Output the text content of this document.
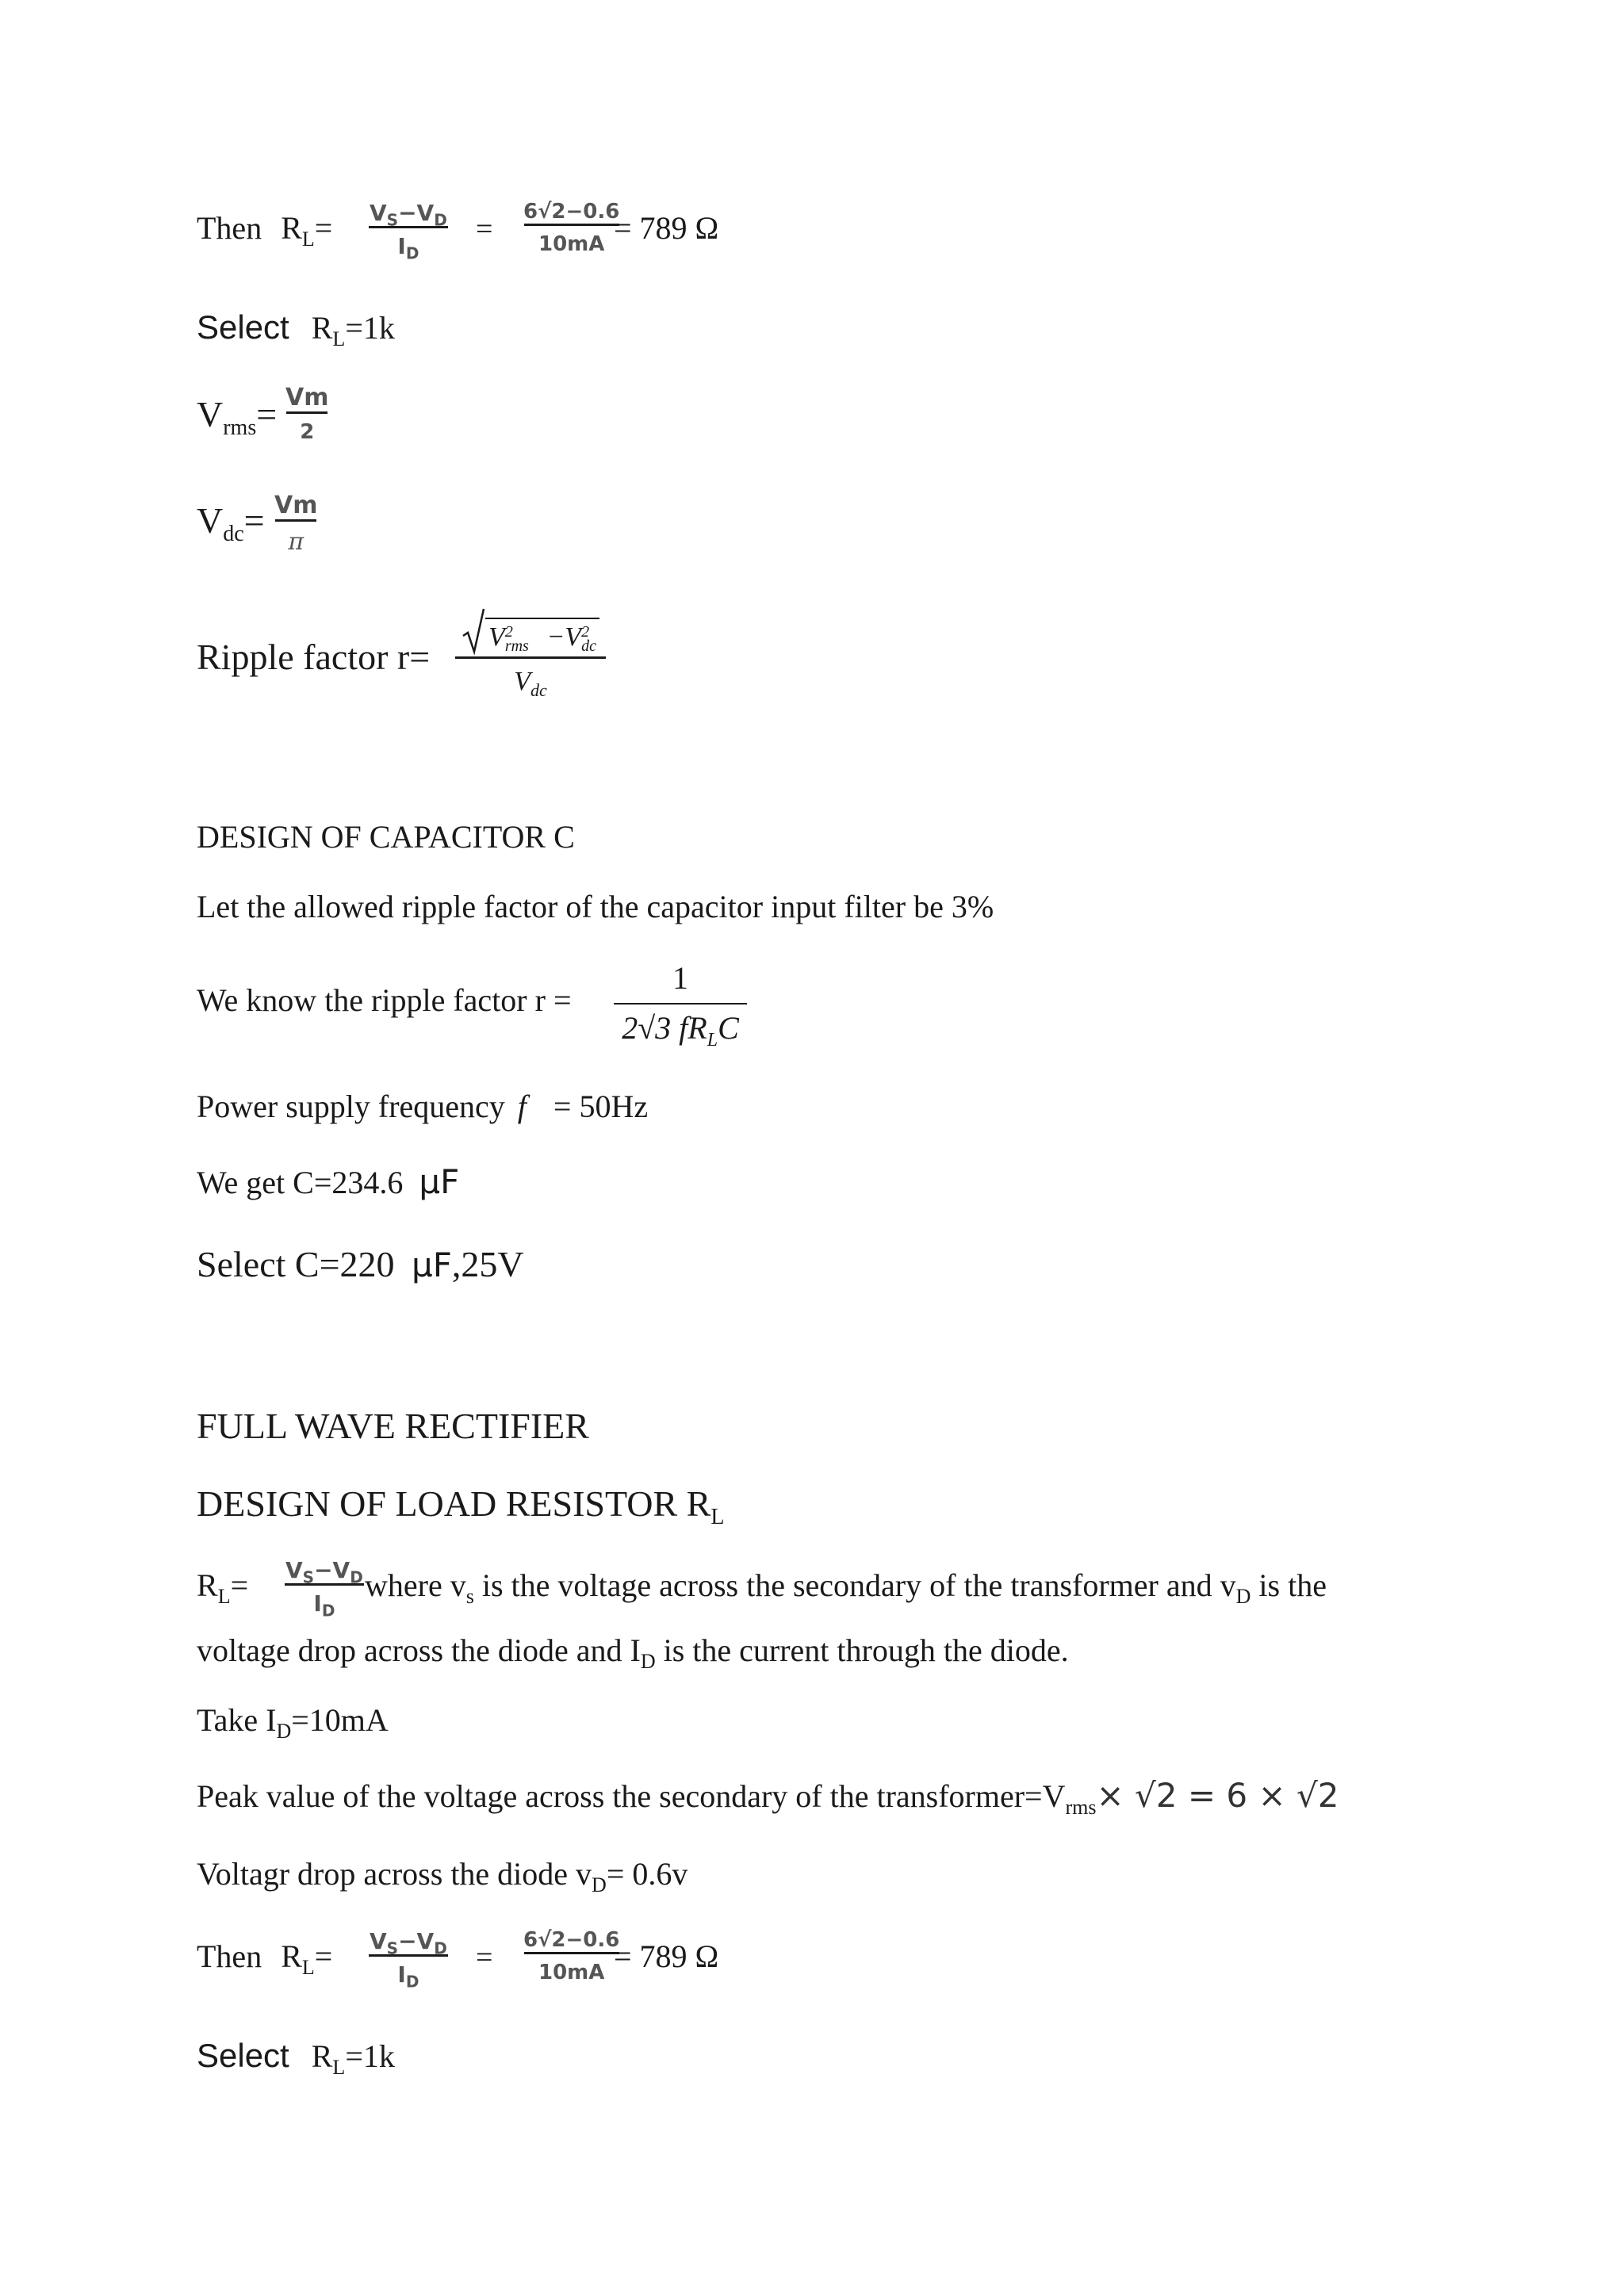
Then $R_L= V_S-V_D$
$I_D$
=
6√2−0.6
10mA = 789 Ω
Select $R_L=1k$
$V_{rms}= Vm$
2
$V_{dc}= Vm$
π
Ripple factor r= V 2
rms −V 2
dc
$V_{dc}$
DESIGN OF CAPACITOR C
Let the allowed ripple factor of the capacitor input filter be 3%
We know the ripple factor r =
1
2√3 $fR_LC$
Power supply frequency f = 50Hz
We get C=234.6 μF
Select C=220 μF,25V
FULL WAVE RECTIFIER
DESIGN OF LOAD RESISTOR $R_L$
$R_L= V_S-V_D$
$I_D$
where $v_s$ is the voltage across the secondary of the transformer and $v_D$ is the
voltage drop across the diode and $I_D$ is the current through the diode.
Take $I_D=10mA$
Peak value of the voltage across the secondary of the $transformer=V_{rms}\times √2 = 6 \times √2$
Voltagr drop across the diode $v_D= 0.6v$
Then $R_L= V_S-V_D$
$I_D$
=
6√2−0.6
10mA = 789 Ω
Select $R_L=1k$
